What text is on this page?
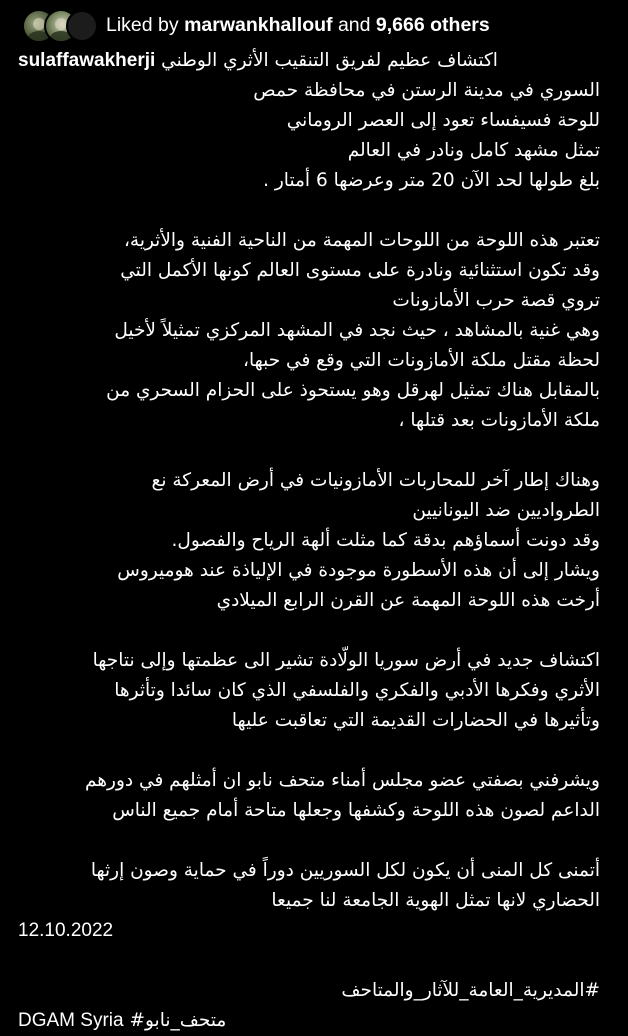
Liked by marwankhallouf and 9,666 others
sulaffawakherji اكتشاف عظيم لفريق التنقيب الأثري الوطني
السوري في مدينة الرستن في محافظة حمص
للوحة فسيفساء تعود إلى العصر الروماني
تمثل مشهد كامل ونادر في العالم
بلغ طولها لحد الآن 20 متر وعرضها 6 أمتار .
تعتبر هذه اللوحة من اللوحات المهمة من الناحية الفنية والأثرية،
وقد تكون استثنائية ونادرة على مستوى العالم كونها الأكمل التي
تروي قصة حرب الأمازونات
وهي غنية بالمشاهد ، حيث نجد في المشهد المركزي تمثيلاً لأخيل
لحظة مقتل ملكة الأمازونات التي وقع في حبها،
بالمقابل هناك تمثيل لهرقل وهو يستحوذ على الحزام السحري من
ملكة الأمازونات بعد قتلها ،
وهناك إطار آخر للمحاربات الأمازونيات في أرض المعركة نع
الطرواديين ضد اليونانيين
وقد دونت أسماؤهم بدقة كما مثلت ألهة الرياح والفصول.
ويشار إلى أن هذه الأسطورة موجودة في الإلياذة عند هوميروس
أرخت هذه اللوحة المهمة عن القرن الرابع الميلادي
اكتشاف جديد في أرض سوريا الولّادة تشير الى عظمتها وإلى نتاجها
الأثري وفكرها الأدبي والفكري والفلسفي الذي كان سائدا وتأثرها
وتأثيرها في الحضارات القديمة التي تعاقبت عليها
ويشرفني بصفتي عضو مجلس أمناء متحف نابو ان أمثلهم في دورهم
الداعم لصون هذه اللوحة وكشفها وجعلها متاحة أمام جميع الناس
أتمنى كل المنى أن يكون لكل السوريين دوراً في حماية وصون إرثها
الحضاري لانها تمثل الهوية الجامعة لنا جميعا
12.10.2022
#المديرية_العامة_للآثار_والمتاحف
DGAM Syria #متحف_نابو
